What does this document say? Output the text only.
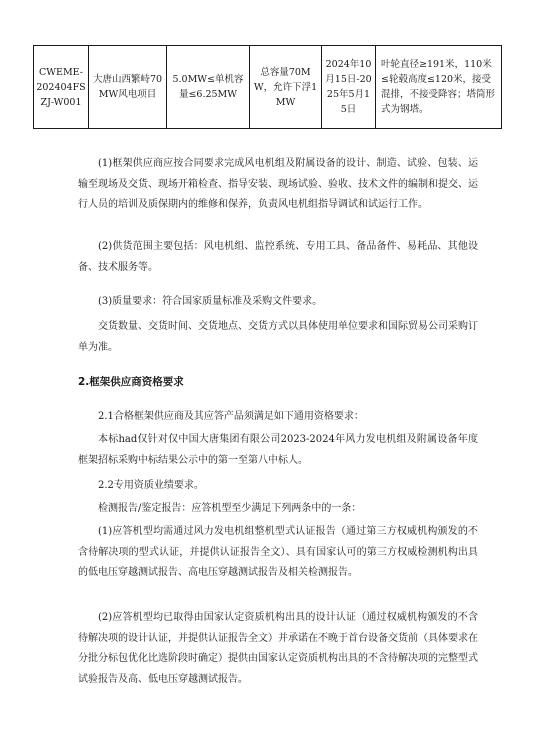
CWEME-202404FSZJ-W001	大唐山西繁峙70MW风电项目	5.0MW≤单机容量≤6.25MW	总容量70MW，允许下浮1MW	2024年10月15日-2025年5月15日	叶轮直径≥191米，110米≤轮毂高度≤120米，接受混排，不接受降容；塔筒形式为钢塔。

(1)框架供应商应按合同要求完成风电机组及附属设备的设计、制造、试验、包装、运输至现场及交货、现场开箱检查、指导安装、现场试验、验收、技术文件的编制和提交、运行人员的培训及质保期内的维修和保养，负责风电机组指导调试和试运行工作。

(2)供货范围主要包括：风电机组、监控系统、专用工具、备品备件、易耗品、其他设备、技术服务等。

(3)质量要求：符合国家质量标准及采购文件要求。

交货数量、交货时间、交货地点、交货方式以具体使用单位要求和国际贸易公司采购订单为准。

2.框架供应商资格要求

2.1合格框架供应商及其应答产品须满足如下通用资格要求：

本标had仅针对仅中国大唐集团有限公司2023-2024年风力发电机组及附属设备年度框架招标采购中标结果公示中的第一至第八中标人。

2.2专用资质业绩要求。

检测报告/鉴定报告：应答机型至少满足下列两条中的一条：

(1)应答机型均需通过风力发电机组整机型式认证报告（通过第三方权威机构颁发的不含待解决项的型式认证，并提供认证报告全文）、具有国家认可的第三方权威检测机构出具的低电压穿越测试报告、高电压穿越测试报告及相关检测报告。

(2)应答机型均已取得由国家认定资质机构出具的设计认证（通过权威机构颁发的不含待解决项的设计认证，并提供认证报告全文）并承诺在不晚于首台设备交货前（具体要求在分批分标包优化比选阶段时确定）提供由国家认定资质机构出具的不含待解决项的完整型式试验报告及高、低电压穿越测试报告。
